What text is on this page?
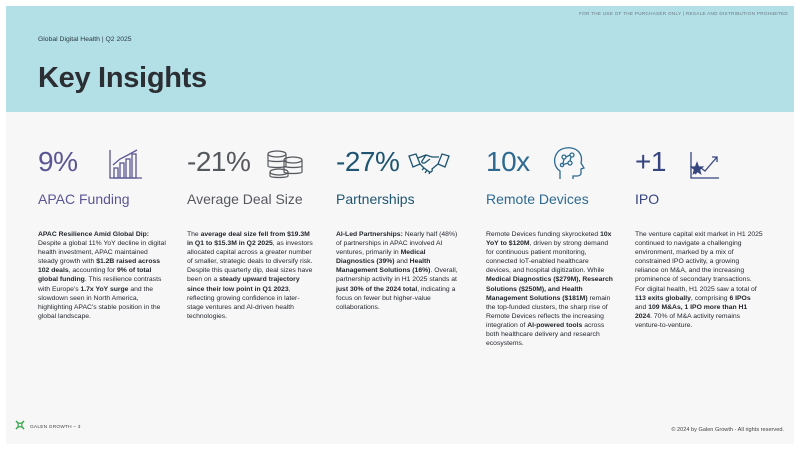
FOR THE USE OF THE PURCHASER ONLY | RESALE AND DISTRIBUTION PROHIBITED
Global Digital Health | Q2 2025
Key Insights
9%
APAC Funding
APAC Resilience Amid Global Dip: Despite a global 11% YoY decline in digital health investment, APAC maintained steady growth with $1.2B raised across 102 deals, accounting for 9% of total global funding. This resilience contrasts with Europe's 1.7x YoY surge and the slowdown seen in North America, highlighting APAC's stable position in the global landscape.
-21%
Average Deal Size
The average deal size fell from $19.3M in Q1 to $15.3M in Q2 2025, as investors allocated capital across a greater number of smaller, strategic deals to diversify risk. Despite this quarterly dip, deal sizes have been on a steady upward trajectory since their low point in Q1 2023, reflecting growing confidence in later-stage ventures and AI-driven health technologies.
-27%
Partnerships
AI-Led Partnerships: Nearly half (48%) of partnerships in APAC involved AI ventures, primarily in Medical Diagnostics (39%) and Health Management Solutions (16%). Overall, partnership activity in H1 2025 stands at just 30% of the 2024 total, indicating a focus on fewer but higher-value collaborations.
10x
Remote Devices
Remote Devices funding skyrocketed 10x YoY to $120M, driven by strong demand for continuous patient monitoring, connected IoT-enabled healthcare devices, and hospital digitization. While Medical Diagnostics ($279M), Research Solutions ($250M), and Health Management Solutions ($181M) remain the top-funded clusters, the sharp rise of Remote Devices reflects the increasing integration of AI-powered tools across both healthcare delivery and research ecosystems.
+1
IPO
The venture capital exit market in H1 2025 continued to navigate a challenging environment, marked by a mix of constrained IPO activity, a growing reliance on M&A, and the increasing prominence of secondary transactions. For digital health, H1 2025 saw a total of 113 exits globally, comprising 6 IPOs and 109 M&As, 1 IPO more than H1 2024. 70% of M&A activity remains venture-to-venture.
GALEN GROWTH – 3	© 2024 by Galen Growth - All rights reserved.
